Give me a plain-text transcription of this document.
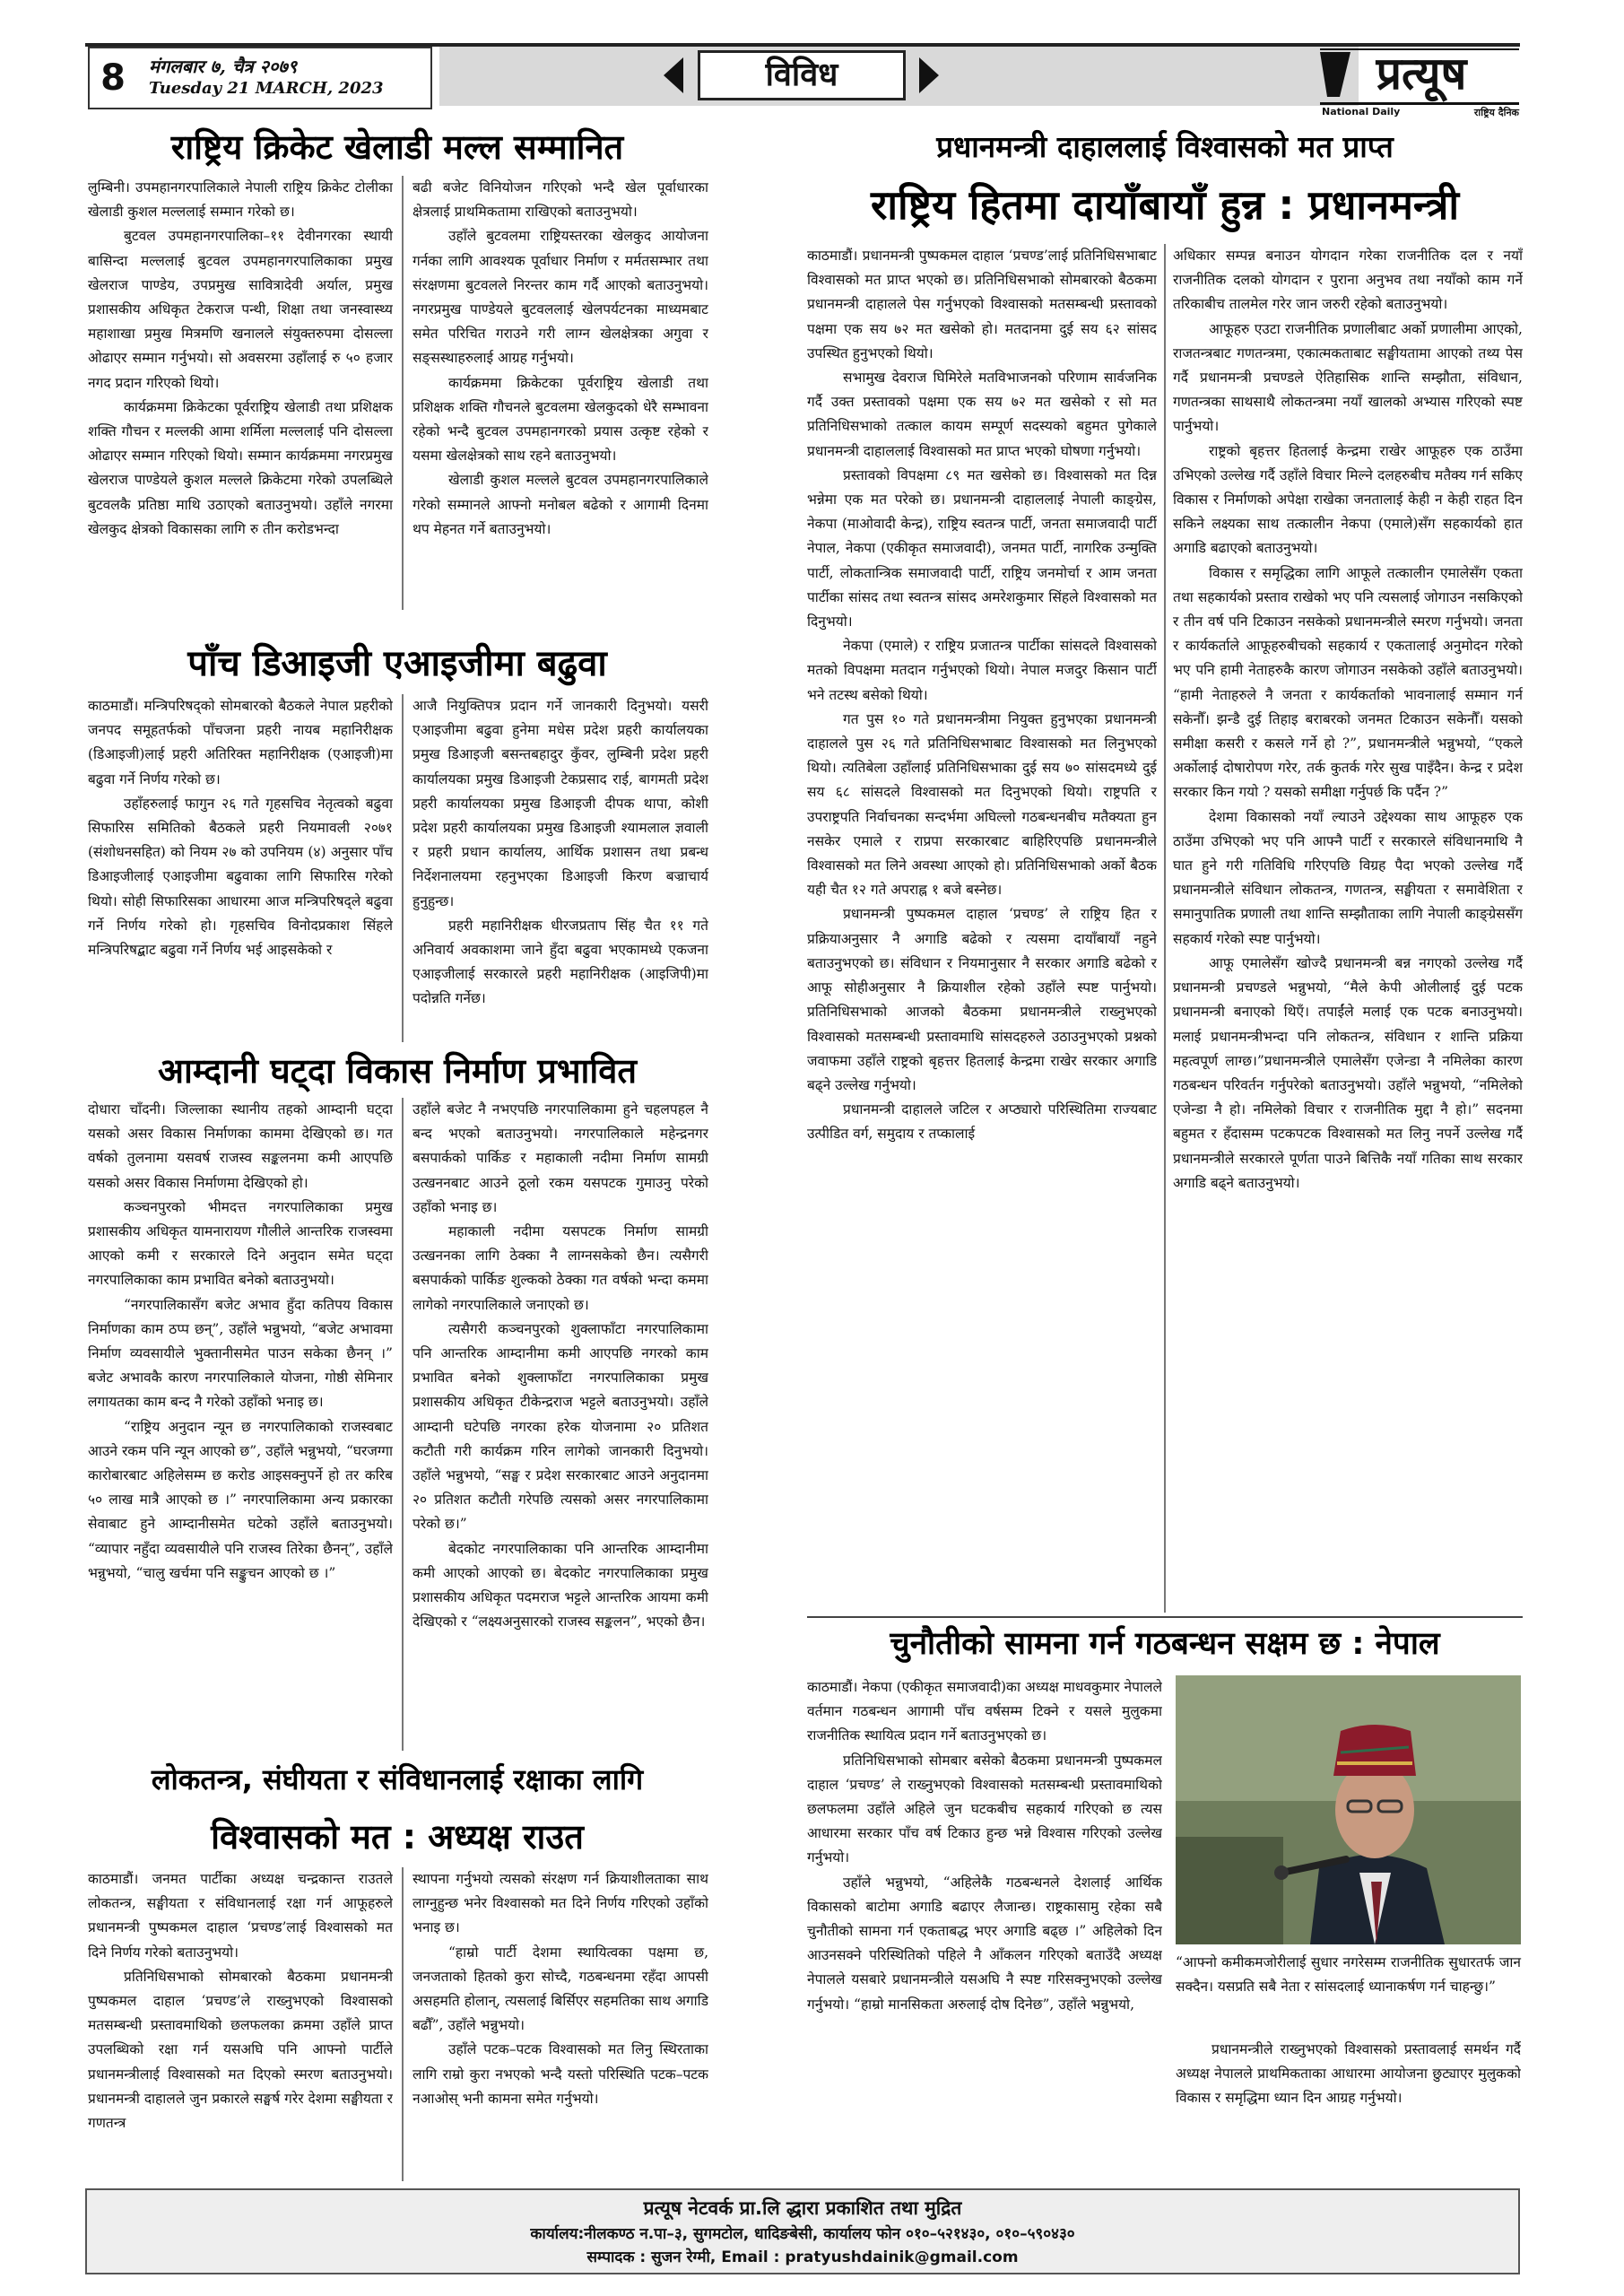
8	मंगलबार ७, चैत्र २०७९
Tuesday 21 MARCH, 2023	विविध	प्रत्यूष
National Daily	राष्ट्रिय दैनिक
राष्ट्रिय क्रिकेट खेलाडी मल्ल सम्मानित

लुम्बिनी। उपमहानगरपालिकाले नेपाली राष्ट्रिय क्रिकेट टोलीका खेलाडी कुशल मल्ललाई सम्मान गरेको छ।

बुटवल उपमहानगरपालिका–११ देवीनगरका स्थायी बासिन्दा मल्ललाई बुटवल उपमहानगरपालिकाका प्रमुख खेलराज पाण्डेय, उपप्रमुख सावित्रादेवी अर्याल, प्रमुख प्रशासकीय अधिकृत टेकराज पन्थी, शिक्षा तथा जनस्वास्थ्य महाशाखा प्रमुख मित्रमणि खनालले संयुक्तरुपमा दोसल्ला ओढाएर सम्मान गर्नुभयो। सो अवसरमा उहाँलाई रु ५० हजार नगद प्रदान गरिएको थियो।

कार्यक्रममा क्रिकेटका पूर्वराष्ट्रिय खेलाडी तथा प्रशिक्षक शक्ति गौचन र मल्लकी आमा शर्मिला मल्ललाई पनि दोसल्ला ओढाएर सम्मान गरिएको थियो। सम्मान कार्यक्रममा नगरप्रमुख खेलराज पाण्डेयले कुशल मल्लले क्रिकेटमा गरेको उपलब्धिले बुटवलकै प्रतिष्ठा माथि उठाएको बताउनुभयो। उहाँले नगरमा खेलकुद क्षेत्रको विकासका लागि रु तीन करोडभन्दा

बढी बजेट विनियोजन गरिएको भन्दै खेल पूर्वाधारका क्षेत्रलाई प्राथमिकतामा राखिएको बताउनुभयो।

उहाँले बुटवलमा राष्ट्रियस्तरका खेलकुद आयोजना गर्नका लागि आवश्यक पूर्वाधार निर्माण र मर्मतसम्भार तथा संरक्षणमा बुटवलले निरन्तर काम गर्दै आएको बताउनुभयो। नगरप्रमुख पाण्डेयले बुटवललाई खेलपर्यटनका माध्यमबाट समेत परिचित गराउने गरी लाग्न खेलक्षेत्रका अगुवा र सङ्सस्थाहरुलाई आग्रह गर्नुभयो।

कार्यक्रममा क्रिकेटका पूर्वराष्ट्रिय खेलाडी तथा प्रशिक्षक शक्ति गौचनले बुटवलमा खेलकुदको धेरै सम्भावना रहेको भन्दै बुटवल उपमहानगरको प्रयास उत्कृष्ट रहेको र यसमा खेलक्षेत्रको साथ रहने बताउनुभयो।

खेलाडी कुशल मल्लले बुटवल उपमहानगरपालिकाले गरेको सम्मानले आफ्नो मनोबल बढेको र आगामी दिनमा थप मेहनत गर्ने बताउनुभयो।

पाँच डिआइजी एआइजीमा बढुवा

काठमाडौं। मन्त्रिपरिषद्को सोमबारको बैठकले नेपाल प्रहरीको जनपद समूहतर्फको पाँचजना प्रहरी नायब महानिरीक्षक (डिआइजी)लाई प्रहरी अतिरिक्त महानिरीक्षक (एआइजी)मा बढुवा गर्ने निर्णय गरेको छ।

उहाँहरुलाई फागुन २६ गते गृहसचिव नेतृत्वको बढुवा सिफारिस समितिको बैठकले प्रहरी नियमावली २०७१ (संशोधनसहित) को नियम २७ को उपनियम (४) अनुसार पाँच डिआइजीलाई एआइजीमा बढुवाका लागि सिफारिस गरेको थियो। सोही सिफारिसका आधारमा आज मन्त्रिपरिषद्ले बढुवा गर्ने निर्णय गरेको हो। गृहसचिव विनोदप्रकाश सिंहले मन्त्रिपरिषद्बाट बढुवा गर्ने निर्णय भई आइसकेको र

आजै नियुक्तिपत्र प्रदान गर्ने जानकारी दिनुभयो। यसरी एआइजीमा बढुवा हुनेमा मधेस प्रदेश प्रहरी कार्यालयका प्रमुख डिआइजी बसन्तबहादुर कुँवर, लुम्बिनी प्रदेश प्रहरी कार्यालयका प्रमुख डिआइजी टेकप्रसाद राई, बागमती प्रदेश प्रहरी कार्यालयका प्रमुख डिआइजी दीपक थापा, कोशी प्रदेश प्रहरी कार्यालयका प्रमुख डिआइजी श्यामलाल ज्ञवाली र प्रहरी प्रधान कार्यालय, आर्थिक प्रशासन तथा प्रबन्ध निर्देशनालयमा रहनुभएका डिआइजी किरण बज्राचार्य हुनुहुन्छ।

प्रहरी महानिरीक्षक धीरजप्रताप सिंह चैत ११ गते अनिवार्य अवकाशमा जाने हुँदा बढुवा भएकामध्ये एकजना एआइजीलाई सरकारले प्रहरी महानिरीक्षक (आइजिपी)मा पदोन्नति गर्नेछ।

आम्दानी घट्दा विकास निर्माण प्रभावित

दोधारा चाँदनी। जिल्लाका स्थानीय तहको आम्दानी घट्दा यसको असर विकास निर्माणका काममा देखिएको छ। गत वर्षको तुलनामा यसवर्ष राजस्व सङ्कलनमा कमी आएपछि यसको असर विकास निर्माणमा देखिएको हो।

कञ्चनपुरको भीमदत्त नगरपालिकाका प्रमुख प्रशासकीय अधिकृत यामनारायण गौलीले आन्तरिक राजस्वमा आएको कमी र सरकारले दिने अनुदान समेत घट्दा नगरपालिकाका काम प्रभावित बनेको बताउनुभयो।

“नगरपालिकासँग बजेट अभाव हुँदा कतिपय विकास निर्माणका काम ठप्प छन्”, उहाँले भन्नुभयो, “बजेट अभावमा निर्माण व्यवसायीले भुक्तानीसमेत पाउन सकेका छैनन् ।” बजेट अभावकै कारण नगरपालिकाले योजना, गोष्ठी सेमिनार लगायतका काम बन्द नै गरेको उहाँको भनाइ छ।

“राष्ट्रिय अनुदान न्यून छ नगरपालिकाको राजस्वबाट आउने रकम पनि न्यून आएको छ”, उहाँले भन्नुभयो, “घरजग्गा कारोबारबाट अहिलेसम्म छ करोड आइसक्नुपर्ने हो तर करिब ५० लाख मात्रै आएको छ ।” नगरपालिकामा अन्य प्रकारका सेवाबाट हुने आम्दानीसमेत घटेको उहाँले बताउनुभयो। “व्यापार नहुँदा व्यवसायीले पनि राजस्व तिरेका छैनन्”, उहाँले भन्नुभयो, “चालु खर्चमा पनि सङ्कुचन आएको छ ।”

उहाँले बजेट नै नभएपछि नगरपालिकामा हुने चहलपहल नै बन्द भएको बताउनुभयो। नगरपालिकाले महेन्द्रनगर बसपार्कको पार्किङ र महाकाली नदीमा निर्माण सामग्री उत्खननबाट आउने ठूलो रकम यसपटक गुमाउनु परेको उहाँको भनाइ छ।

महाकाली नदीमा यसपटक निर्माण सामग्री उत्खननका लागि ठेक्का नै लाग्नसकेको छैन। त्यसैगरी बसपार्कको पार्किङ शुल्कको ठेक्का गत वर्षको भन्दा कममा लागेको नगरपालिकाले जनाएको छ।

त्यसैगरी कञ्चनपुरको शुक्लाफाँटा नगरपालिकामा पनि आन्तरिक आम्दानीमा कमी आएपछि नगरको काम प्रभावित बनेको शुक्लाफाँटा नगरपालिकाका प्रमुख प्रशासकीय अधिकृत टीकेन्द्रराज भट्टले बताउनुभयो। उहाँले आम्दानी घटेपछि नगरका हरेक योजनामा २० प्रतिशत कटौती गरी कार्यक्रम गरिन लागेको जानकारी दिनुभयो। उहाँले भन्नुभयो, “सङ्घ र प्रदेश सरकारबाट आउने अनुदानमा २० प्रतिशत कटौती गरेपछि त्यसको असर नगरपालिकामा परेको छ।”

बेदकोट नगरपालिकाका पनि आन्तरिक आम्दानीमा कमी आएको आएको छ। बेदकोट नगरपालिकाका प्रमुख प्रशासकीय अधिकृत पदमराज भट्टले आन्तरिक आयमा कमी देखिएको र “लक्ष्यअनुसारको राजस्व सङ्कलन”, भएको छैन।

लोकतन्त्र, संघीयता र संविधानलाई रक्षाका लागि
विश्वासको मत : अध्यक्ष राउत

काठमाडौं। जनमत पार्टीका अध्यक्ष चन्द्रकान्त राउतले लोकतन्त्र, सङ्घीयता र संविधानलाई रक्षा गर्न आफूहरुले प्रधानमन्त्री पुष्पकमल दाहाल ‘प्रचण्ड’लाई विश्वासको मत दिने निर्णय गरेको बताउनुभयो।

प्रतिनिधिसभाको सोमबारको बैठकमा प्रधानमन्त्री पुष्पकमल दाहाल ‘प्रचण्ड’ले राख्नुभएको विश्वासको मतसम्बन्धी प्रस्तावमाथिको छलफलका क्रममा उहाँले प्राप्त उपलब्धिको रक्षा गर्न यसअघि पनि आफ्नो पार्टीले प्रधानमन्त्रीलाई विश्वासको मत दिएको स्मरण बताउनुभयो। प्रधानमन्त्री दाहालले जुन प्रकारले सङ्घर्ष गरेर देशमा सङ्घीयता र गणतन्त्र

स्थापना गर्नुभयो त्यसको संरक्षण गर्न क्रियाशीलताका साथ लाग्नुहुन्छ भनेर विश्वासको मत दिने निर्णय गरिएको उहाँको भनाइ छ।

“हाम्रो पार्टी देशमा स्थायित्वका पक्षमा छ, जनजताको हितको कुरा सोच्दै, गठबन्धनमा रहँदा आपसी असहमति होलान्, त्यसलाई बिर्सिएर सहमतिका साथ अगाडि बढौँ”, उहाँले भन्नुभयो।

उहाँले पटक–पटक विश्वासको मत लिनु स्थिरताका लागि राम्रो कुरा नभएको भन्दै यस्तो परिस्थिति पटक–पटक नआओस् भनी कामना समेत गर्नुभयो।

प्रधानमन्त्री दाहाललाई विश्वासको मत प्राप्त
राष्ट्रिय हितमा दायाँबायाँ हुन्न : प्रधानमन्त्री

काठमाडौं। प्रधानमन्त्री पुष्पकमल दाहाल ‘प्रचण्ड’लाई प्रतिनिधिसभाबाट विश्वासको मत प्राप्त भएको छ। प्रतिनिधिसभाको सोमबारको बैठकमा प्रधानमन्त्री दाहालले पेस गर्नुभएको विश्वासको मतसम्बन्धी प्रस्तावको पक्षमा एक सय ७२ मत खसेको हो। मतदानमा दुई सय ६२ सांसद उपस्थित हुनुभएको थियो।

सभामुख देवराज घिमिरेले मतविभाजनको परिणाम सार्वजनिक गर्दै उक्त प्रस्तावको पक्षमा एक सय ७२ मत खसेको र सो मत प्रतिनिधिसभाको तत्काल कायम सम्पूर्ण सदस्यको बहुमत पुगेकाले प्रधानमन्त्री दाहाललाई विश्वासको मत प्राप्त भएको घोषणा गर्नुभयो।

प्रस्तावको विपक्षमा ८९ मत खसेको छ। विश्वासको मत दिन्न भन्नेमा एक मत परेको छ। प्रधानमन्त्री दाहाललाई नेपाली काङ्ग्रेस, नेकपा (माओवादी केन्द्र), राष्ट्रिय स्वतन्त्र पार्टी, जनता समाजवादी पार्टी नेपाल, नेकपा (एकीकृत समाजवादी), जनमत पार्टी, नागरिक उन्मुक्ति पार्टी, लोकतान्त्रिक समाजवादी पार्टी, राष्ट्रिय जनमोर्चा र आम जनता पार्टीका सांसद तथा स्वतन्त्र सांसद अमरेशकुमार सिंहले विश्वासको मत दिनुभयो।

नेकपा (एमाले) र राष्ट्रिय प्रजातन्त्र पार्टीका सांसदले विश्वासको मतको विपक्षमा मतदान गर्नुभएको थियो। नेपाल मजदुर किसान पार्टी भने तटस्थ बसेको थियो।

गत पुस १० गते प्रधानमन्त्रीमा नियुक्त हुनुभएका प्रधानमन्त्री दाहालले पुस २६ गते प्रतिनिधिसभाबाट विश्वासको मत लिनुभएको थियो। त्यतिबेला उहाँलाई प्रतिनिधिसभाका दुई सय ७० सांसदमध्ये दुई सय ६८ सांसदले विश्वासको मत दिनुभएको थियो। राष्ट्रपति र उपराष्ट्रपति निर्वाचनका सन्दर्भमा अघिल्लो गठबन्धनबीच मतैक्यता हुन नसकेर एमाले र राप्रपा सरकारबाट बाहिरिएपछि प्रधानमन्त्रीले विश्वासको मत लिने अवस्था आएको हो। प्रतिनिधिसभाको अर्को बैठक यही चैत १२ गते अपराह्न १ बजे बस्नेछ।

प्रधानमन्त्री पुष्पकमल दाहाल ‘प्रचण्ड’ ले राष्ट्रिय हित र प्रक्रियाअनुसार नै अगाडि बढेको र त्यसमा दायाँबायाँ नहुने बताउनुभएको छ। संविधान र नियमानुसार नै सरकार अगाडि बढेको र आफू सोहीअनुसार नै क्रियाशील रहेको उहाँले स्पष्ट पार्नुभयो। प्रतिनिधिसभाको आजको बैठकमा प्रधानमन्त्रीले राख्नुभएको विश्वासको मतसम्बन्धी प्रस्तावमाथि सांसदहरुले उठाउनुभएको प्रश्नको जवाफमा उहाँले राष्ट्रको बृहत्तर हितलाई केन्द्रमा राखेर सरकार अगाडि बढ्ने उल्लेख गर्नुभयो।

प्रधानमन्त्री दाहालले जटिल र अप्ठ्यारो परिस्थितिमा राज्यबाट उत्पीडित वर्ग, समुदाय र तप्कालाई

अधिकार सम्पन्न बनाउन योगदान गरेका राजनीतिक दल र नयाँ राजनीतिक दलको योगदान र पुराना अनुभव तथा नयाँको काम गर्ने तरिकाबीच तालमेल गरेर जान जरुरी रहेको बताउनुभयो।

आफूहरु एउटा राजनीतिक प्रणालीबाट अर्को प्रणालीमा आएको, राजतन्त्रबाट गणतन्त्रमा, एकात्मकताबाट सङ्घीयतामा आएको तथ्य पेस गर्दै प्रधानमन्त्री प्रचण्डले ऐतिहासिक शान्ति सम्झौता, संविधान, गणतन्त्रका साथसाथै लोकतन्त्रमा नयाँ खालको अभ्यास गरिएको स्पष्ट पार्नुभयो।

राष्ट्रको बृहत्तर हितलाई केन्द्रमा राखेर आफूहरु एक ठाउँमा उभिएको उल्लेख गर्दै उहाँले विचार मिल्ने दलहरुबीच मतैक्य गर्न सकिए विकास र निर्माणको अपेक्षा राखेका जनतालाई केही न केही राहत दिन सकिने लक्ष्यका साथ तत्कालीन नेकपा (एमाले)सँग सहकार्यको हात अगाडि बढाएको बताउनुभयो।

विकास र समृद्धिका लागि आफूले तत्कालीन एमालेसँग एकता तथा सहकार्यको प्रस्ताव राखेको भए पनि त्यसलाई जोगाउन नसकिएको र तीन वर्ष पनि टिकाउन नसकेको प्रधानमन्त्रीले स्मरण गर्नुभयो। जनता र कार्यकर्ताले आफूहरुबीचको सहकार्य र एकतालाई अनुमोदन गरेको भए पनि हामी नेताहरुकै कारण जोगाउन नसकेको उहाँले बताउनुभयो। “हामी नेताहरुले नै जनता र कार्यकर्ताको भावनालाई सम्मान गर्न सकेनौँ। झन्डै दुई तिहाइ बराबरको जनमत टिकाउन सकेनौँ। यसको समीक्षा कसरी र कसले गर्ने हो ?”, प्रधानमन्त्रीले भन्नुभयो, “एकले अर्कोलाई दोषारोपण गरेर, तर्क कुतर्क गरेर सुख पाइँदैन। केन्द्र र प्रदेश सरकार किन गयो ? यसको समीक्षा गर्नुपर्छ कि पर्दैन ?”

देशमा विकासको नयाँ ल्याउने उद्देश्यका साथ आफूहरु एक ठाउँमा उभिएको भए पनि आफ्नै पार्टी र सरकारले संविधानमाथि नै घात हुने गरी गतिविधि गरिएपछि विग्रह पैदा भएको उल्लेख गर्दै प्रधानमन्त्रीले संविधान लोकतन्त्र, गणतन्त्र, सङ्घीयता र समावेशिता र समानुपातिक प्रणाली तथा शान्ति सम्झौताका लागि नेपाली काङ्ग्रेससँग सहकार्य गरेको स्पष्ट पार्नुभयो।

आफू एमालेसँग खोज्दै प्रधानमन्त्री बन्न नगएको उल्लेख गर्दै प्रधानमन्त्री प्रचण्डले भन्नुभयो, “मैले केपी ओलीलाई दुई पटक प्रधानमन्त्री बनाएको थिएँ। तपाईंले मलाई एक पटक बनाउनुभयो। मलाई प्रधानमन्त्रीभन्दा पनि लोकतन्त्र, संविधान र शान्ति प्रक्रिया महत्वपूर्ण लाग्छ।”प्रधानमन्त्रीले एमालेसँग एजेन्डा नै नमिलेका कारण गठबन्धन परिवर्तन गर्नुपरेको बताउनुभयो। उहाँले भन्नुभयो, “नमिलेको एजेन्डा नै हो। नमिलेको विचार र राजनीतिक मुद्दा नै हो।” सदनमा बहुमत र हँदासम्म पटकपटक विश्वासको मत लिनु नपर्ने उल्लेख गर्दै प्रधानमन्त्रीले सरकारले पूर्णता पाउने बित्तिकै नयाँ गतिका साथ सरकार अगाडि बढ्ने बताउनुभयो।

चुनौतीको सामना गर्न गठबन्धन सक्षम छ : नेपाल

काठमाडौं। नेकपा (एकीकृत समाजवादी)का अध्यक्ष माधवकुमार नेपालले वर्तमान गठबन्धन आगामी पाँच वर्षसम्म टिक्ने र यसले मुलुकमा राजनीतिक स्थायित्व प्रदान गर्ने बताउनुभएको छ।

प्रतिनिधिसभाको सोमबार बसेको बैठकमा प्रधानमन्त्री पुष्पकमल दाहाल ‘प्रचण्ड’ ले राख्नुभएको विश्वासको मतसम्बन्धी प्रस्तावमाथिको छलफलमा उहाँले अहिले जुन घटकबीच सहकार्य गरिएको छ त्यस आधारमा सरकार पाँच वर्ष टिकाउ हुन्छ भन्ने विश्वास गरिएको उल्लेख गर्नुभयो।

उहाँले भन्नुभयो, “अहिलेकै गठबन्धनले देशलाई आर्थिक विकासको बाटोमा अगाडि बढाएर लैजान्छ। राष्ट्रकासामु रहेका सबै चुनौतीको सामना गर्न एकताबद्ध भएर अगाडि बढ्छ ।” अहिलेको दिन आउनसक्ने परिस्थितिको पहिले नै आँकलन गरिएको बताउँदै अध्यक्ष नेपालले यसबारे प्रधानमन्त्रीले यसअघि नै स्पष्ट गरिसक्नुभएको उल्लेख गर्नुभयो। “हाम्रो मानसिकता अरुलाई दोष दिनेछ”, उहाँले भन्नुभयो,

“आफ्नो कमीकमजोरीलाई सुधार नगरेसम्म राजनीतिक सुधारतर्फ जान सक्दैन। यसप्रति सबै नेता र सांसदलाई ध्यानाकर्षण गर्न चाहन्छु।”

प्रधानमन्त्रीले राख्नुभएको विश्वासको प्रस्तावलाई समर्थन गर्दै अध्यक्ष नेपालले प्राथमिकताका आधारमा आयोजना छुट्याएर मुलुकको विकास र समृद्धिमा ध्यान दिन आग्रह गर्नुभयो।

प्रत्यूष नेटवर्क प्रा.लि द्धारा प्रकाशित तथा मुद्रित
कार्यालय:नीलकण्ठ न.पा–३, सुगमटोल, धादिङबेसी, कार्यालय फोन ०१०–५२१४३०, ०१०–५९०४३०
सम्पादक : सुजन रेग्मी, Email : pratyushdainik@gmail.com
